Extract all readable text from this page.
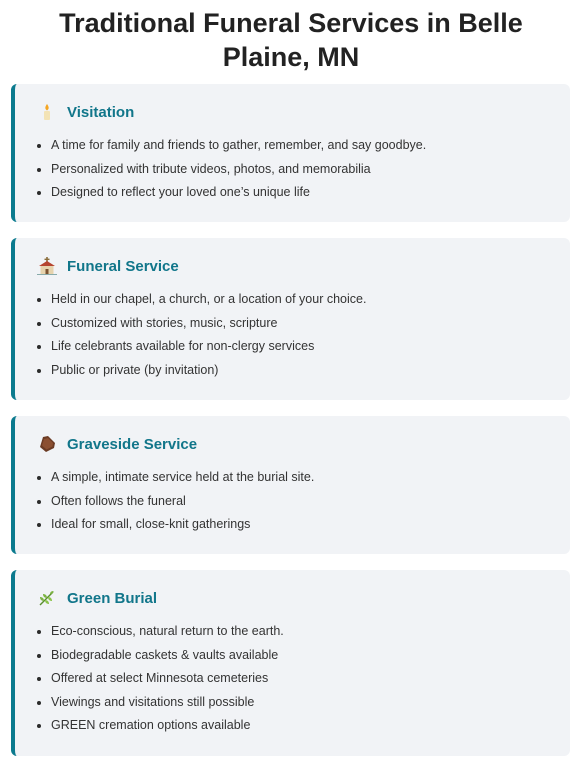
Traditional Funeral Services in Belle Plaine, MN
Visitation
A time for family and friends to gather, remember, and say goodbye.
Personalized with tribute videos, photos, and memorabilia
Designed to reflect your loved one’s unique life
Funeral Service
Held in our chapel, a church, or a location of your choice.
Customized with stories, music, scripture
Life celebrants available for non-clergy services
Public or private (by invitation)
Graveside Service
A simple, intimate service held at the burial site.
Often follows the funeral
Ideal for small, close-knit gatherings
Green Burial
Eco-conscious, natural return to the earth.
Biodegradable caskets & vaults available
Offered at select Minnesota cemeteries
Viewings and visitations still possible
GREEN cremation options available
